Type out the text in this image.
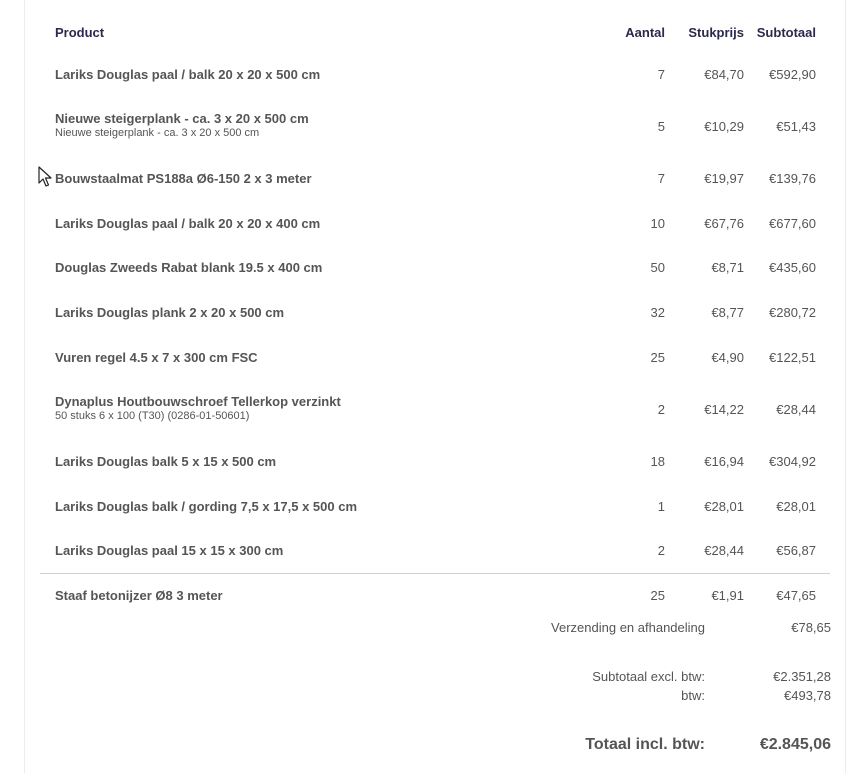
Product	Aantal Stukprijs Subtotaal
Lariks Douglas paal / balk 20 x 20 x 500 cm	7	€84,70 €592,90
Nieuwe steigerplank - ca. 3 x 20 x 500 cm
Nieuwe steigerplank - ca. 3 x 20 x 500 cm	5	€10,29 €51,43
Bouwstaalmat PS188a Ø6-150 2 x 3 meter	7	€19,97 €139,76
Lariks Douglas paal / balk 20 x 20 x 400 cm	10	€67,76 €677,60
Douglas Zweeds Rabat blank 19.5 x 400 cm	50	€8,71 €435,60
Lariks Douglas plank 2 x 20 x 500 cm	32	€8,77 €280,72
Vuren regel 4.5 x 7 x 300 cm FSC	25	€4,90 €122,51
Dynaplus Houtbouwschroef Tellerkop verzinkt
50 stuks 6 x 100 (T30) (0286-01-50601)	2	€14,22 €28,44
Lariks Douglas balk 5 x 15 x 500 cm	18	€16,94 €304,92
Lariks Douglas balk / gording 7,5 x 17,5 x 500 cm	1	€28,01 €28,01
Lariks Douglas paal 15 x 15 x 300 cm	2	€28,44 €56,87
Staaf betonijzer Ø8 3 meter	25	€1,91 €47,65
Verzending en afhandeling	€78,65
Subtotaal excl. btw:	€2.351,28
btw:	€493,78
Totaal incl. btw:	€2.845,06
